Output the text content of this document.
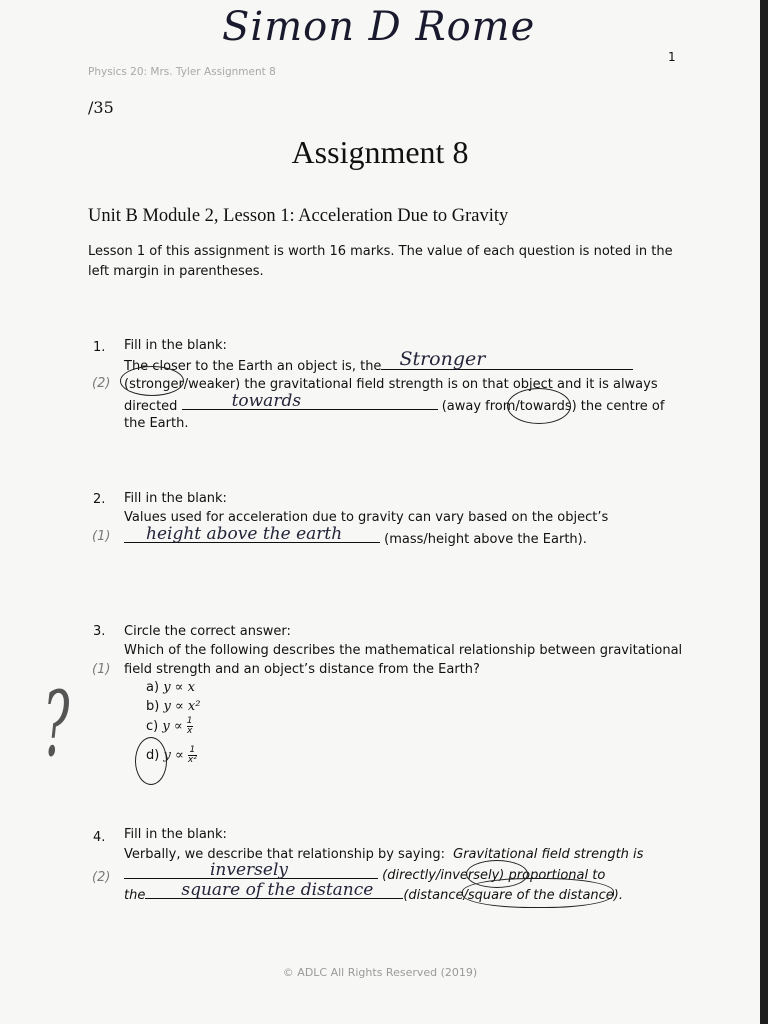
Simon D Rome
1
Physics 20: Mrs. Tyler Assignment 8
/35
Assignment 8
Unit B Module 2, Lesson 1: Acceleration Due to Gravity
Lesson 1 of this assignment is worth 16 marks. The value of each question is noted in the left margin in parentheses.
1.
(2)
Fill in the blank:
The closer to the Earth an object is, the Stronger
(stronger/weaker) the gravitational field strength is on that object and it is always
directed	towards	(away from/towards) the centre of
the Earth.
2.
(1)
Fill in the blank:
Values used for acceleration due to gravity can vary based on the object’s
height above the earth	(mass/height above the Earth).
3.
(1)
Circle the correct answer:
Which of the following describes the mathematical relationship between gravitational
field strength and an object’s distance from the Earth?
a) y ∝ x
b) y ∝ x²
c) $y \propto \frac{1}{x}$
d) $y \propto \frac{1}{\text{x²}}$
?
4.
(2)
Fill in the blank:
Verbally, we describe that relationship by saying: Gravitational field strength is
inversely	(directly/inversely) proportional to
the square of the distance (distance/square of the distance).
© ADLC All Rights Reserved (2019)
